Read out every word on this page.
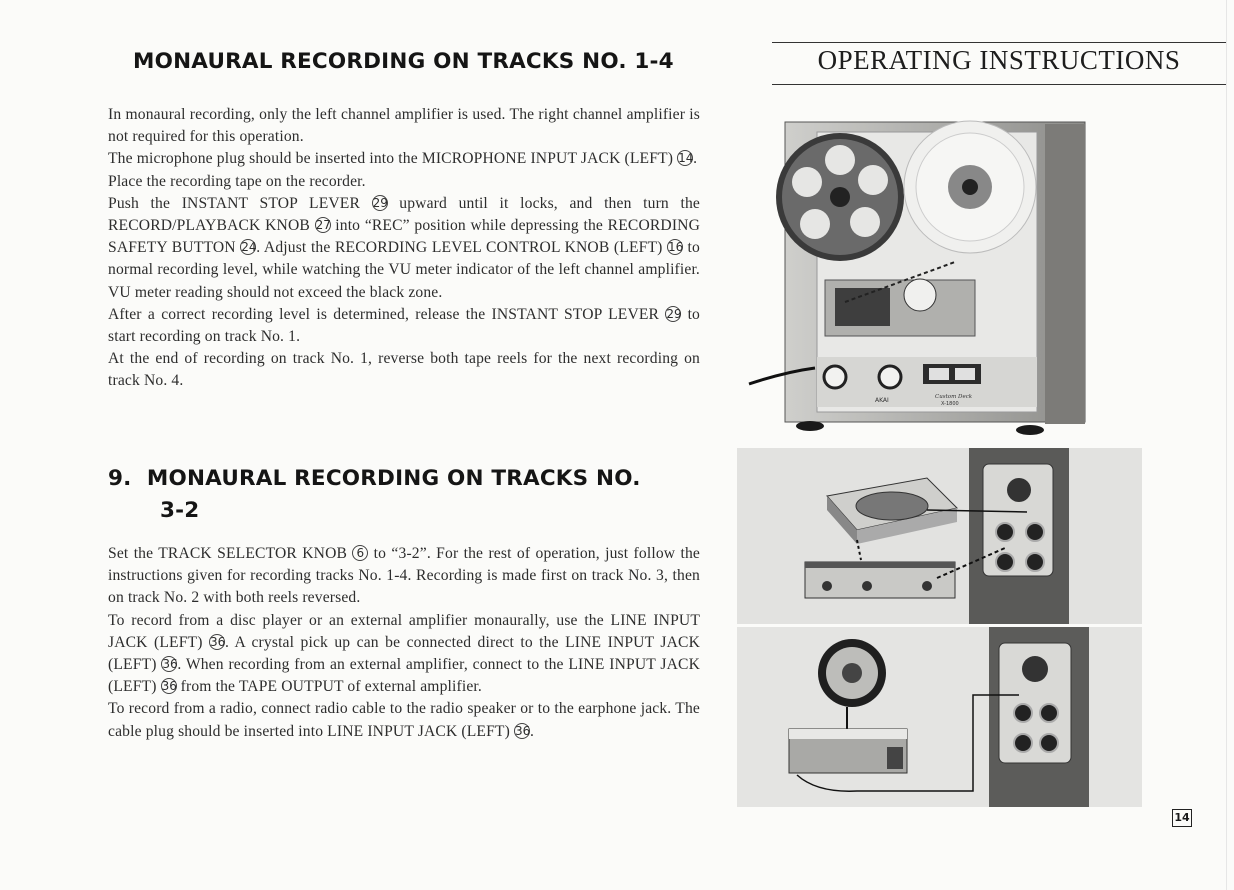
MONAURAL RECORDING ON TRACKS NO. 1-4

In monaural recording, only the left channel amplifier is used. The right channel amplifier is not required for this operation.

The microphone plug should be inserted into the MICROPHONE INPUT JACK (LEFT) 14.

Place the recording tape on the recorder.

Push the INSTANT STOP LEVER 29 upward until it locks, and then turn the RECORD/PLAYBACK KNOB 27 into “REC” position while depressing the RECORDING SAFETY BUTTON 24. Adjust the RECORDING LEVEL CONTROL KNOB (LEFT) 16 to normal recording level, while watching the VU meter indicator of the left channel amplifier. VU meter reading should not exceed the black zone.

After a correct recording level is determined, release the INSTANT STOP LEVER 29 to start recording on track No. 1.

At the end of recording on track No. 1, reverse both tape reels for the next recording on track No. 4.

9.  MONAURAL RECORDING ON TRACKS NO.
3-2

Set the TRACK SELECTOR KNOB 6 to “3-2”. For the rest of operation, just follow the instructions given for recording tracks No. 1-4. Recording is made first on track No. 3, then on track No. 2 with both reels reversed.

To record from a disc player or an external amplifier monaurally, use the LINE INPUT JACK (LEFT) 36. A crystal pick up can be connected direct to the LINE INPUT JACK (LEFT) 36. When recording from an external amplifier, connect to the LINE INPUT JACK (LEFT) 36 from the TAPE OUTPUT of external amplifier.

To record from a radio, connect radio cable to the radio speaker or to the earphone jack. The cable plug should be inserted into LINE INPUT JACK (LEFT) 36.

OPERATING INSTRUCTIONS
AKAI	Custom Deck
X-1800
14
